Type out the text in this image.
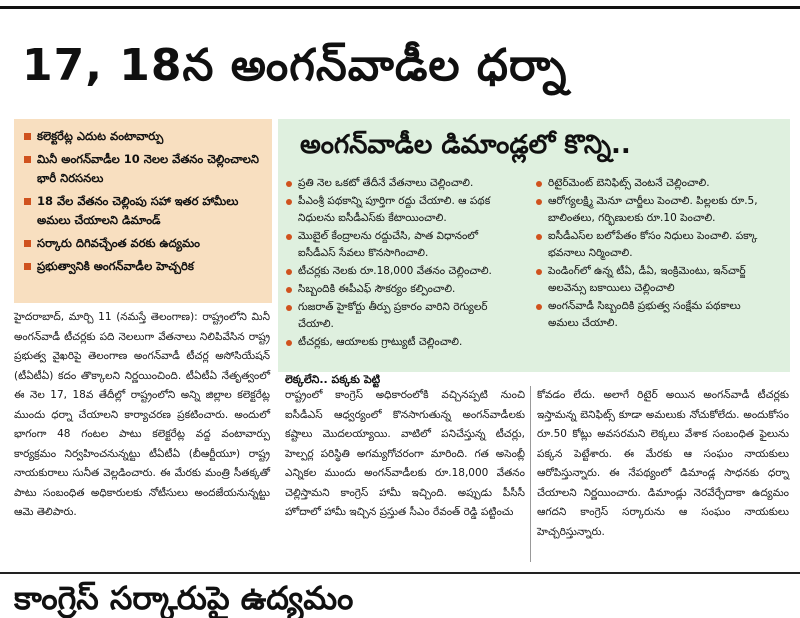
17, 18న అంగన్‌వాడీల ధర్నా
కలెక్టరేట్ల ఎదుట వంటావార్పు
మినీ అంగన్‌వాడీల 10 నెలల వేతనం చెల్లించాలని భారీ నిరసనలు
18 వేల వేతనం చెల్లింపు సహా ఇతర హామీలు అమలు చేయాలని డిమాండ్
సర్కారు దిగివచ్చేంత వరకు ఉద్యమం
ప్రభుత్వానికి అంగన్‌వాడీల హెచ్చరిక
అంగన్‌వాడీల డిమాండ్లలో కొన్ని..
ప్రతి నెల ఒకటో తేదీనే వేతనాలు చెల్లించాలి.
పీఎంశ్రీ పథకాన్ని పూర్తిగా రద్దు చేయాలి. ఆ పథక నిధులను ఐసీడీఎస్‌కు కేటాయించాలి.
మొబైల్ కేంద్రాలను రద్దుచేసి, పాత విధానంలో ఐసీడీఎస్ సేవలు కొనసాగించాలి.
టీచర్లకు నెలకు రూ.18,000 వేతనం చెల్లించాలి.
సిబ్బందికి ఈపీఎఫ్ సౌకర్యం కల్పించాలి.
గుజరాత్ హైకోర్టు తీర్పు ప్రకారం వారిని రెగ్యులర్ చేయాలి.
టీచర్లకు, ఆయాలకు గ్రాట్యుటీ చెల్లించాలి.
రిటైర్‌మెంట్ బెనిఫిట్స్ వెంటనే చెల్లించాలి.
ఆరోగ్యలక్ష్మి మెనూ చార్జీలు పెంచాలి. పిల్లలకు రూ.5, బాలింతలు, గర్భిణులకు రూ.10 పెంచాలి.
ఐసీడీఎస్‌ల బలోపేతం కోసం నిధులు పెంచాలి. పక్కా భవనాలు నిర్మించాలి.
పెండింగ్‌లో ఉన్న టీఏ, డీఏ, ఇంక్రిమెంటు, ఇన్‌చార్జ్ అలవెన్సు బకాయిలు చెల్లించాలి
అంగన్‌వాడీ సిబ్బందికి ప్రభుత్వ సంక్షేమ పథకాలు అమలు చేయాలి.

హైదరాబాద్, మార్చి 11 (నమస్తే తెలంగాణ): రాష్ట్రంలోని మినీ అంగన్‌వాడీ టీచర్లకు పది నెలలుగా వేతనాలు నిలిపివేసిన రాష్ట్ర ప్రభుత్వ వైఖరిపై తెలంగాణ అంగన్‌వాడీ టీచర్ల అసోసియేషన్ (టీఏటీఏ) కదం తొక్కాలని నిర్ణయించింది. టీఏటీఏ నేతృత్వంలో ఈ నెల 17, 18వ తేదీల్లో రాష్ట్రంలోని అన్ని జిల్లాల కలెక్టరేట్ల ముందు ధర్నా చేయాలని కార్యాచరణ ప్రకటించారు. అందులో భాగంగా 48 గంటల పాటు కలెక్టరేట్ల వద్ద వంటావార్పు కార్యక్రమం నిర్వహించనున్నట్టు టీఏటీఏ (బీఆర్టీయూ) రాష్ట్ర నాయకురాలు సునీత వెల్లడించారు. ఈ మేరకు మంత్రి సీతక్కతో పాటు సంబంధిత అధికారులకు నోటీసులు అందజేయనున్నట్టు ఆమె తెలిపారు.

లెక్కలేని.. పక్కకు పెట్టి

రాష్ట్రంలో కాంగ్రెస్ అధికారంలోకి వచ్చినప్పటి నుంచి ఐసీడీఎస్ ఆధ్వర్యంలో కొనసాగుతున్న అంగన్‌వాడీలకు కష్టాలు మొదలయ్యాయి. వాటిలో పనిచేస్తున్న టీచర్లు, హెల్పర్ల పరిస్థితి అగమ్యగోచరంగా మారింది. గత అసెంబ్లీ ఎన్నికల ముందు అంగన్‌వాడీలకు రూ.18,000 వేతనం చెల్లిస్తామని కాంగ్రెస్ హామీ ఇచ్చింది. అప్పుడు పీసీసీ హోదాలో హామీ ఇచ్చిన ప్రస్తుత సీఎం రేవంత్ రెడ్డి పట్టించు

కోవడం లేదు. అలాగే రిటైర్ అయిన అంగన్‌వాడీ టీచర్లకు ఇస్తామన్న బెనిఫిట్స్ కూడా అమలుకు నోచుకోలేదు. అందుకోసం రూ.50 కోట్లు అవసరమని లెక్కలు వేశాక సంబంధిత ఫైలును పక్కన పెట్టేశారు. ఈ మేరకు ఆ సంఘం నాయకులు ఆరోపిస్తున్నారు. ఈ నేపథ్యంలో డిమాండ్ల సాధనకు ధర్నా చేయాలని నిర్ణయించారు. డిమాండ్లు నెరవేర్చేదాకా ఉద్యమం ఆగదని కాంగ్రెస్ సర్కారును ఆ సంఘం నాయకులు హెచ్చరిస్తున్నారు.

కాంగ్రెస్ సర్కారుపై ఉద్యమం
